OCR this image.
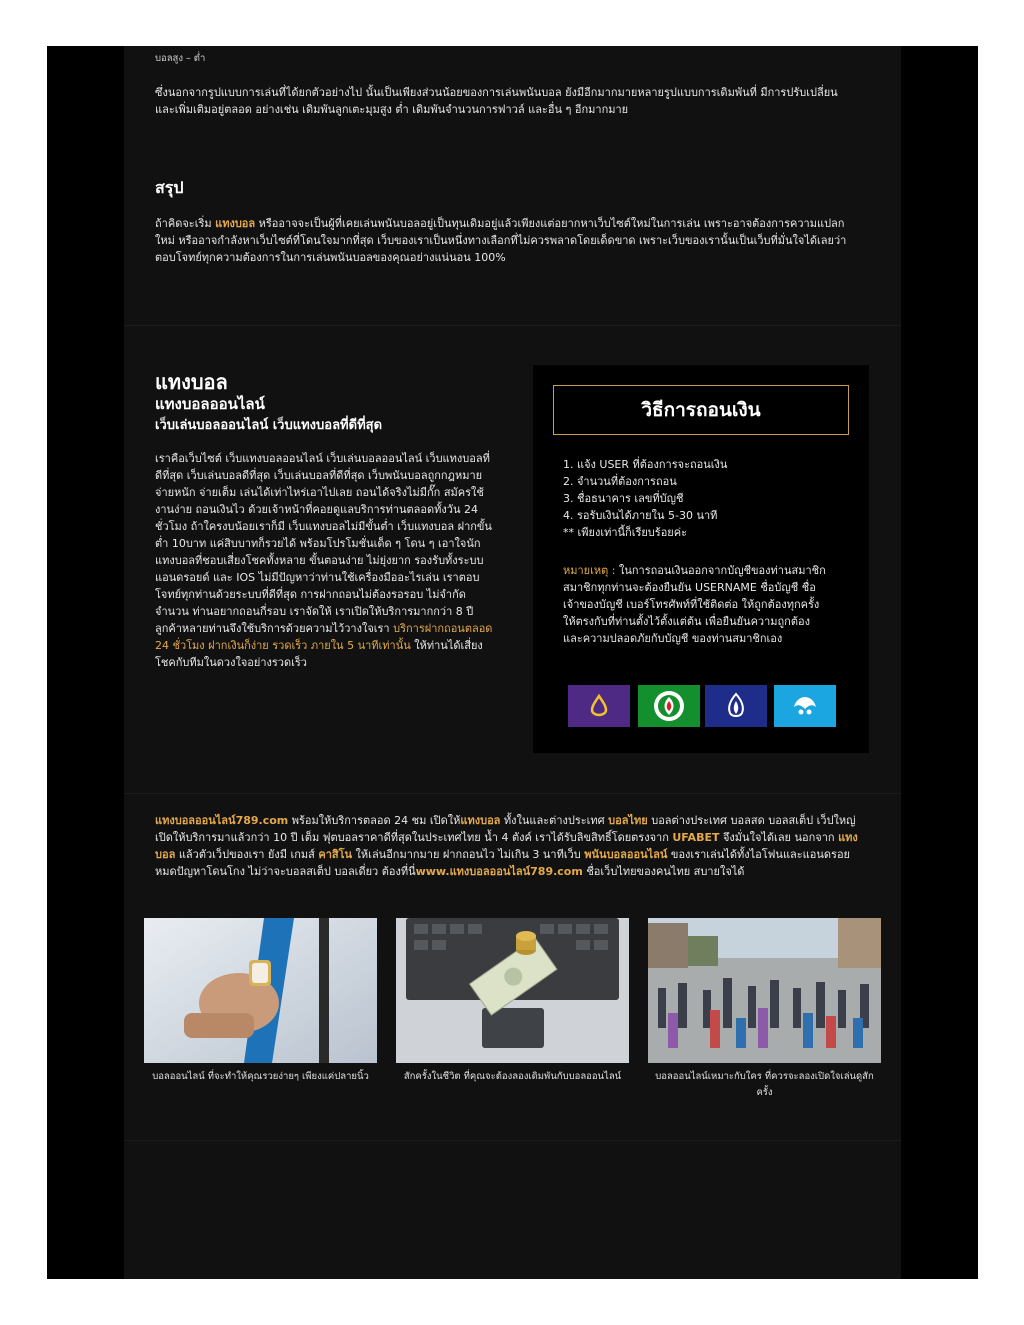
บอลสูง – ต่ำ
ซึ่งนอกจากรูปแบบการเล่นที่ได้ยกตัวอย่างไป นั้นเป็นเพียงส่วนน้อยของการเล่นพนันบอล ยังมีอีกมากมายหลายรูปแบบการเดิมพันที่ มีการปรับเปลี่ยน และเพิ่มเติมอยู่ตลอด อย่างเช่น เดิมพันลูกเตะมุมสูง ต่ำ เดิมพันจำนวนการฟาวล์ และอื่น ๆ อีกมากมาย
สรุป
ถ้าคิดจะเริ่ม แทงบอล หรืออาจจะเป็นผู้ที่เคยเล่นพนันบอลอยู่เป็นทุนเดิมอยู่แล้วเพียงแต่อยากหาเว็บไซต์ใหม่ในการเล่น เพราะอาจต้องการความแปลกใหม่ หรืออาจกำลังหาเว็บไซต์ที่โดนใจมากที่สุด เว็บของเราเป็นหนึ่งทางเลือกที่ไม่ควรพลาดโดยเด็ดขาด เพราะเว็บของเรานั้นเป็นเว็บที่มั่นใจได้เลยว่าตอบโจทย์ทุกความต้องการในการเล่นพนันบอลของคุณอย่างแน่นอน 100%
แทงบอล
แทงบอลออนไลน์
เว็บเล่นบอลออนไลน์ เว็บแทงบอลที่ดีที่สุด
เราคือเว็บไซต์ เว็บแทงบอลออนไลน์ เว็บเล่นบอลออนไลน์ เว็บแทงบอลที่ดีที่สุด เว็บเล่นบอลดีที่สุด เว็บเล่นบอลที่ดีที่สุด เว็บพนันบอลถูกกฎหมาย จ่ายหนัก จ่ายเต็ม เล่นได้เท่าไหร่เอาไปเลย ถอนได้จริงไม่มีกั๊ก สมัครใช้งานง่าย ถอนเงินไว ด้วยเจ้าหน้าที่คอยดูแลบริการท่านตลอดทั้งวัน 24 ชั่วโมง ถ้าใครงบน้อยเราก็มี เว็บแทงบอลไม่มีขั้นต่ำ เว็บแทงบอล ฝากขั้นต่ำ 10บาท แค่สิบบาทก็รวยได้ พร้อมโปรโมชั่นเด็ด ๆ โดน ๆ เอาใจนักแทงบอลที่ชอบเสี่ยงโชคทั้งหลาย ขั้นตอนง่าย ไม่ยุ่งยาก รองรับทั้งระบบแอนดรอยด์ และ IOS ไม่มีปัญหาว่าท่านใช้เครื่องมืออะไรเล่น เราตอบโจทย์ทุกท่านด้วยระบบที่ดีที่สุด การฝากถอนไม่ต้องรอรอบ ไม่จำกัดจำนวน ท่านอยากถอนกี่รอบ เราจัดให้ เราเปิดให้บริการมากกว่า 8 ปี ลูกค้าหลายท่านจึงใช้บริการด้วยความไว้วางใจเรา บริการฝากถอนตลอด 24 ชั่วโมง ฝากเงินก็ง่าย รวดเร็ว ภายใน 5 นาทีเท่านั้น ให้ท่านได้เสี่ยงโชคกับทีมในดวงใจอย่างรวดเร็ว
วิธีการถอนเงิน
1. แจ้ง USER ที่ต้องการจะถอนเงิน
2. จำนวนที่ต้องการถอน
3. ชื่อธนาคาร เลขที่บัญชี
4. รอรับเงินได้ภายใน 5-30 นาที
** เพียงเท่านี้ก็เรียบร้อยค่ะ
หมายเหตุ : ในการถอนเงินออกจากบัญชีของท่านสมาชิก สมาชิกทุกท่านจะต้องยืนยัน USERNAME ชื่อบัญชี ชื่อเจ้าของบัญชี เบอร์โทรศัพท์ที่ใช้ติดต่อ ให้ถูกต้องทุกครั้ง ให้ตรงกับที่ท่านตั้งไว้ตั้งแต่ต้น เพื่อยืนยันความถูกต้อง และความปลอดภัยกับบัญชี ของท่านสมาชิกเอง
แทงบอลออนไลน์789.com พร้อมให้บริการตลอด 24 ชม เปิดให้แทงบอล ทั้งในและต่างประเทศ บอลไทย บอลต่างประเทศ บอลสด บอลสเต็ป เว็ปใหญ่เปิดให้บริการมาแล้วกว่า 10 ปี เต็ม ฟุตบอลราคาดีที่สุดในประเทศไทย น้ำ 4 ตังค์ เราได้รับลิขสิทธิ์โดยตรงจาก UFABET จึงมั่นใจได้เลย นอกจาก แทงบอล แล้วตัวเว็ปของเรา ยังมี เกมส์ คาสิโน ให้เล่นอีกมากมาย ฝากถอนไว ไม่เกิน 3 นาทีเว็บ พนันบอลออนไลน์ ของเราเล่นได้ทั้งไอโฟนและแอนดรอยหมดปัญหาโดนโกง ไม่ว่าจะบอลสเต็ป บอลเดี่ยว ต้องที่นี่www.แทงบอลออนไลน์789.com ชื่อเว็บไทยของคนไทย สบายใจได้
บอลออนไลน์ ที่จะทำให้คุณรวยง่ายๆ เพียงแค่ปลายนิ้ว	สักครั้งในชีวิต ที่คุณจะต้องลองเดิมพันกับบอลออนไลน์	บอลออนไลน์เหมาะกับใคร ที่ควรจะลองเปิดใจเล่นดูสักครั้ง
